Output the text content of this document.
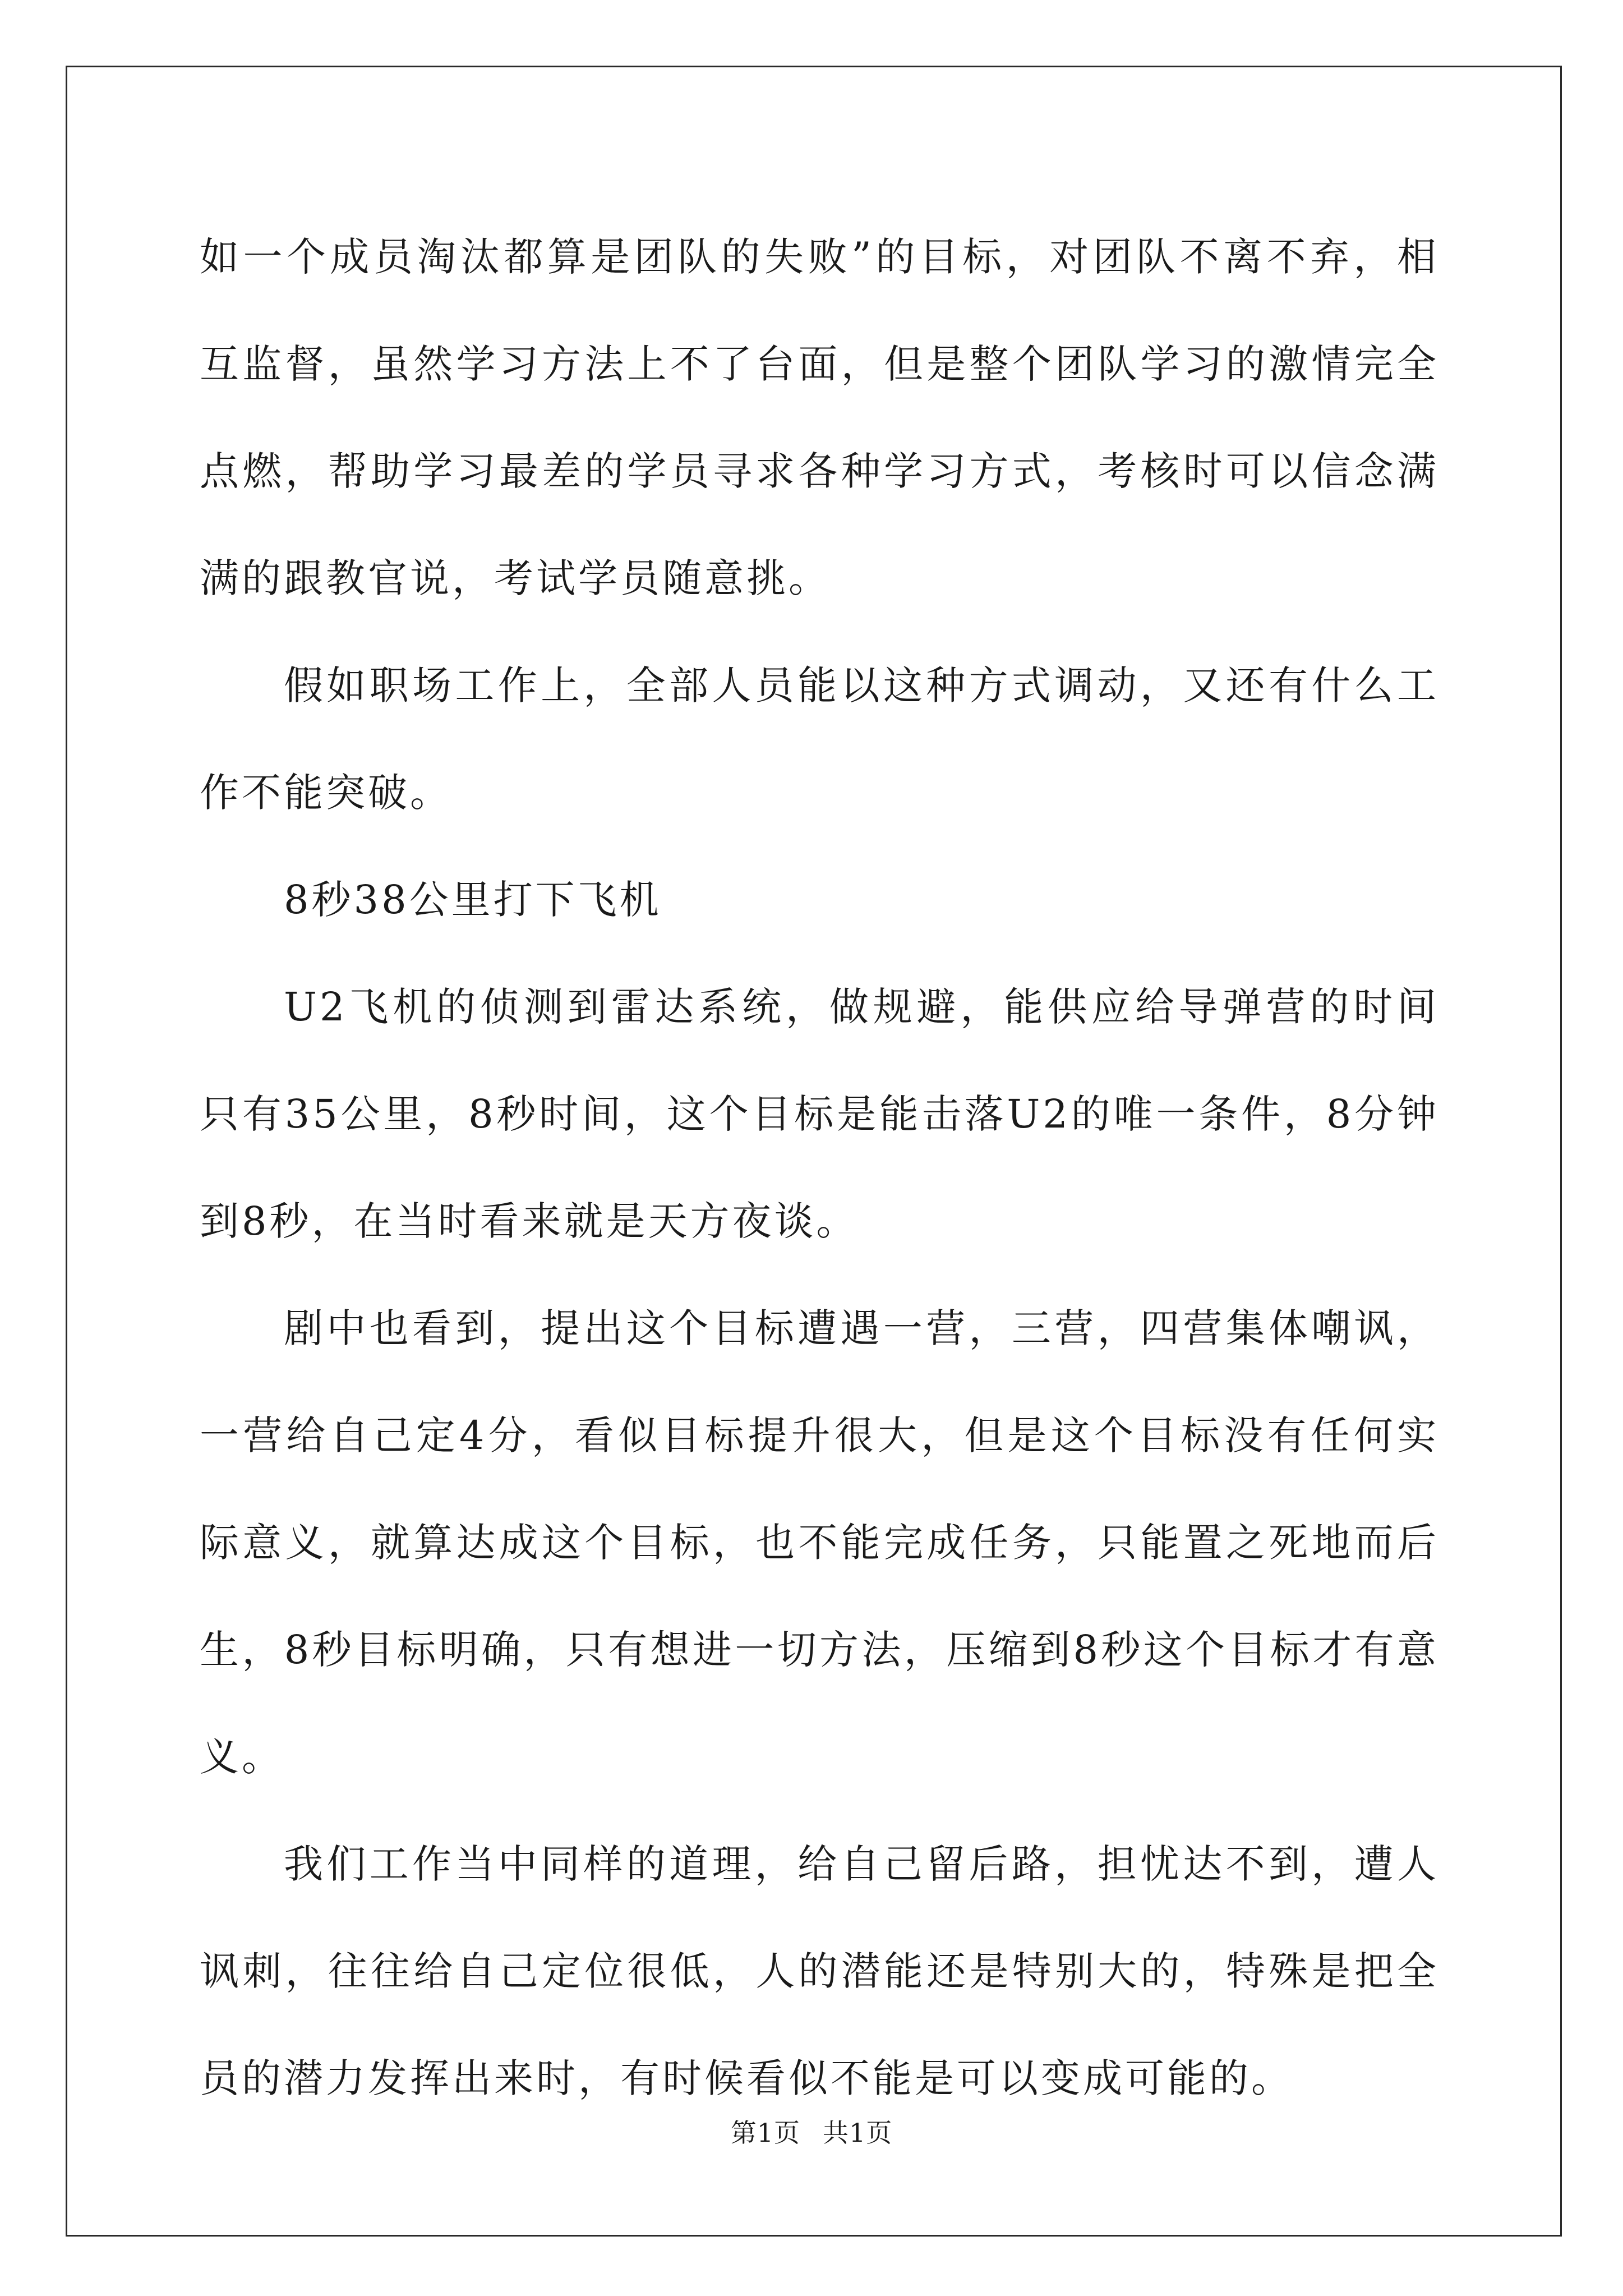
如一个成员淘汰都算是团队的失败”的目标，对团队不离不弃，相互监督，虽然学习方法上不了台面，但是整个团队学习的激情完全点燃，帮助学习最差的学员寻求各种学习方式，考核时可以信念满满的跟教官说，考试学员随意挑。

假如职场工作上，全部人员能以这种方式调动，又还有什么工作不能突破。

8秒38公里打下飞机

U2飞机的侦测到雷达系统，做规避，能供应给导弹营的时间只有35公里，8秒时间，这个目标是能击落U2的唯一条件，8分钟到8秒，在当时看来就是天方夜谈。

剧中也看到，提出这个目标遭遇一营，三营，四营集体嘲讽，一营给自己定4分，看似目标提升很大，但是这个目标没有任何实际意义，就算达成这个目标，也不能完成任务，只能置之死地而后生，8秒目标明确，只有想进一切方法，压缩到8秒这个目标才有意义。

我们工作当中同样的道理，给自己留后路，担忧达不到，遭人讽刺，往往给自己定位很低，人的潜能还是特别大的，特殊是把全员的潜力发挥出来时，有时候看似不能是可以变成可能的。

第1页 共1页
